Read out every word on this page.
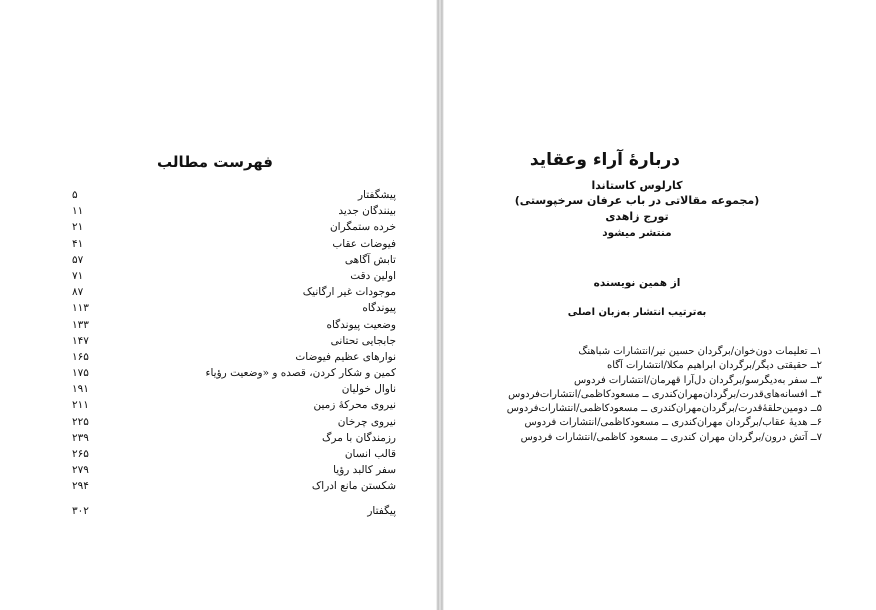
فهرست مطالب
۵	پیشگفتار
۱۱	بینندگان جدید
۲۱	خرده ستمگران
۴۱	فیوضات عقاب
۵۷	تابش آگاهی
۷۱	اولین دقت
۸۷	موجودات غیر ارگانیک
۱۱۳	پیوندگاه
۱۳۳	وضعیت پیوندگاه
۱۴۷	جابجایی تحتانی
۱۶۵	نوارهای عظیم فیوضات
۱۷۵	کمین و شکار کردن، قصده و «وضعیت رؤیاء
۱۹۱	ناوال خولیان
۲۱۱	نیروی محرکهٔ زمین
۲۲۵	نیروی چرخان
۲۳۹	رزمندگان با مرگ
۲۶۵	قالب انسان
۲۷۹	سفر کالبد رؤیا
۲۹۴	شکستن مانع ادراک
۳۰۲	پیگفتار
دربارهٔ آراء وعقاید
کارلوس کاستاندا
(مجموعه مقالاتی در باب عرفان سرخپوستی)
تورج زاهدی
منتشر میشود
از همین نویسنده
به‌ترتیب انتشار به‌زبان اصلی
۱ــ تعلیمات دون‌خوان/برگردان حسین نیر/انتشارات شباهنگ
۲ــ حقیقتی دیگر/برگردان ابراهیم مکلا/انتشارات آگاه
۳ــ سفر به‌دیگرسو/برگردان دل‌آرا قهرمان/انتشارات فردوس
۴ــ افسانه‌های‌قدرت/برگردان‌مهران‌کندری ــ مسعودکاظمی/انتشارات‌فردوس
۵ــ دومین‌حلقهٔ‌قدرت/برگردان‌مهران‌کندری ــ مسعودکاظمی/انتشارات‌فردوس
۶ــ هدیهٔ عقاب/برگردان مهران‌کندری ــ مسعودکاظمی/انتشارات فردوس
۷ــ آتش درون/برگردان مهران کندری ــ مسعود کاظمی/انتشارات فردوس
